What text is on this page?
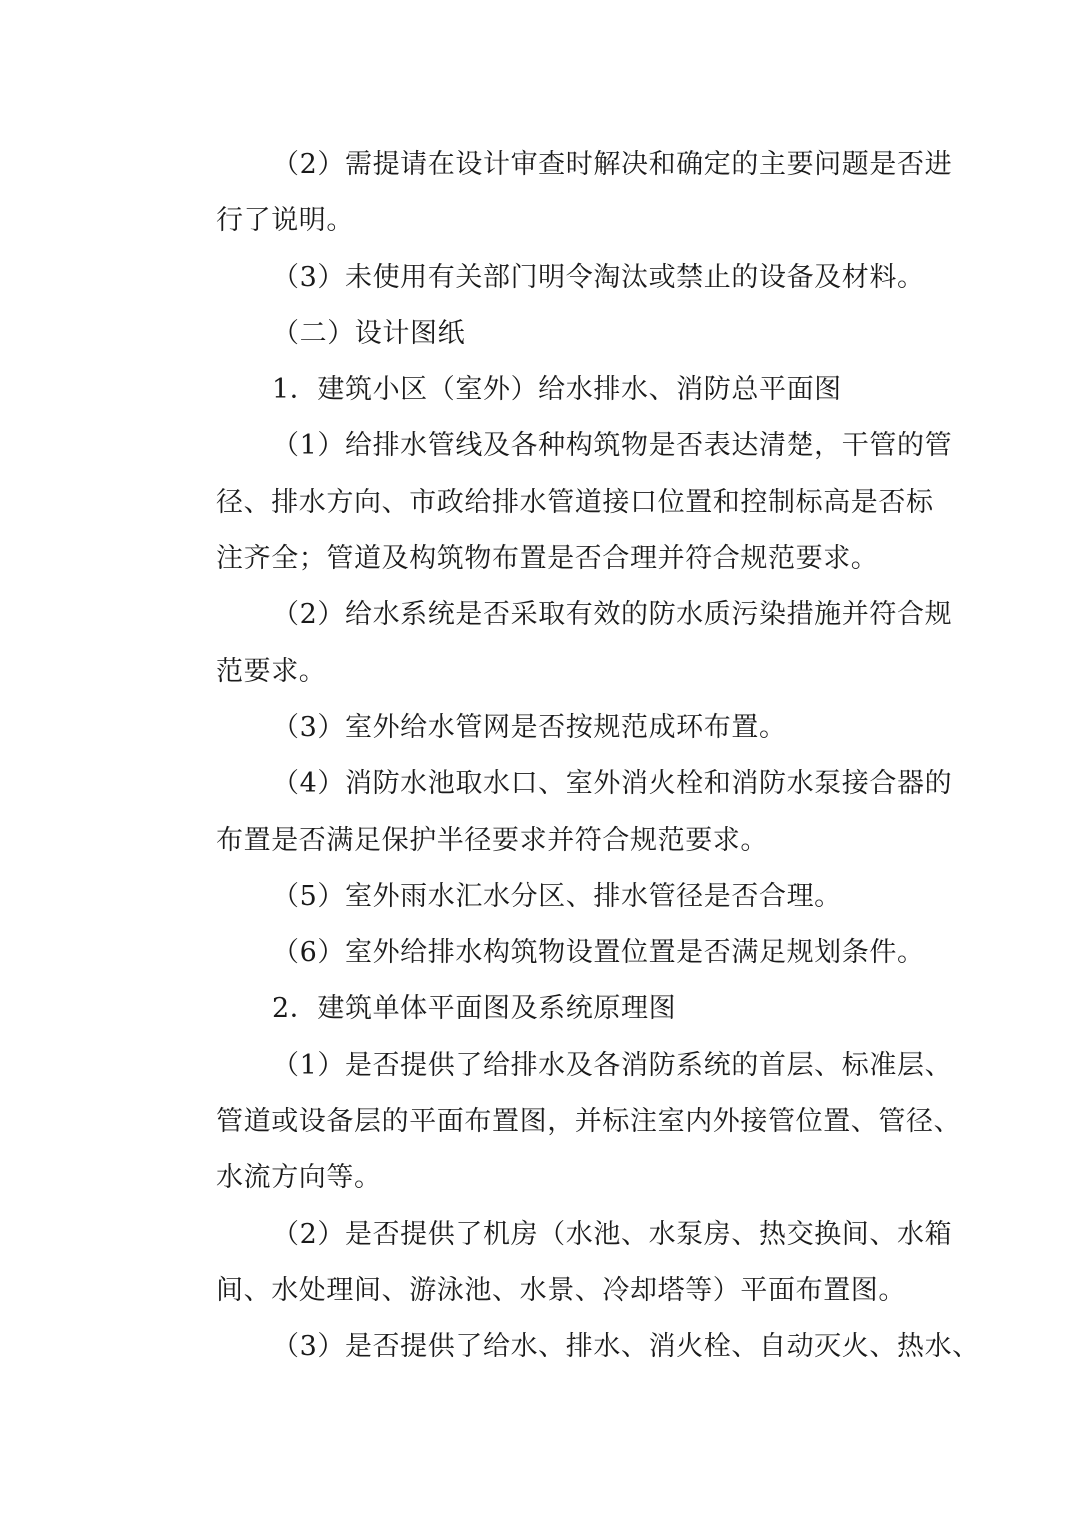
（2）需提请在设计审查时解决和确定的主要问题是否进
行了说明。
（3）未使用有关部门明令淘汰或禁止的设备及材料。
（二）设计图纸
1．建筑小区（室外）给水排水、消防总平面图
（1）给排水管线及各种构筑物是否表达清楚，干管的管
径、排水方向、市政给排水管道接口位置和控制标高是否标
注齐全；管道及构筑物布置是否合理并符合规范要求。
（2）给水系统是否采取有效的防水质污染措施并符合规
范要求。
（3）室外给水管网是否按规范成环布置。
（4）消防水池取水口、室外消火栓和消防水泵接合器的
布置是否满足保护半径要求并符合规范要求。
（5）室外雨水汇水分区、排水管径是否合理。
（6）室外给排水构筑物设置位置是否满足规划条件。
2．建筑单体平面图及系统原理图
（1）是否提供了给排水及各消防系统的首层、标准层、
管道或设备层的平面布置图，并标注室内外接管位置、管径、
水流方向等。
（2）是否提供了机房（水池、水泵房、热交换间、水箱
间、水处理间、游泳池、水景、冷却塔等）平面布置图。
（3）是否提供了给水、排水、消火栓、自动灭火、热水、
